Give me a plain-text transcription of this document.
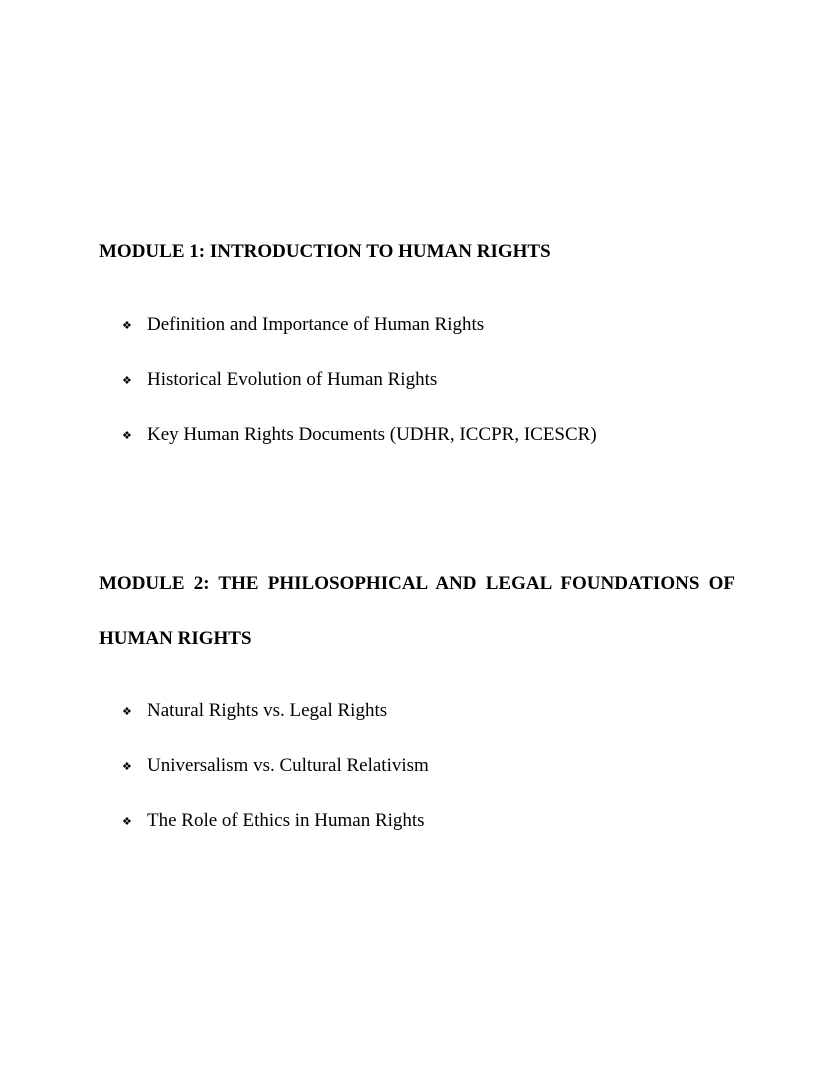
MODULE 1: INTRODUCTION TO HUMAN RIGHTS
❖ Definition and Importance of Human Rights
❖ Historical Evolution of Human Rights
❖ Key Human Rights Documents (UDHR, ICCPR, ICESCR)
MODULE 2: THE PHILOSOPHICAL AND LEGAL FOUNDATIONS OF
HUMAN RIGHTS
❖ Natural Rights vs. Legal Rights
❖ Universalism vs. Cultural Relativism
❖ The Role of Ethics in Human Rights
